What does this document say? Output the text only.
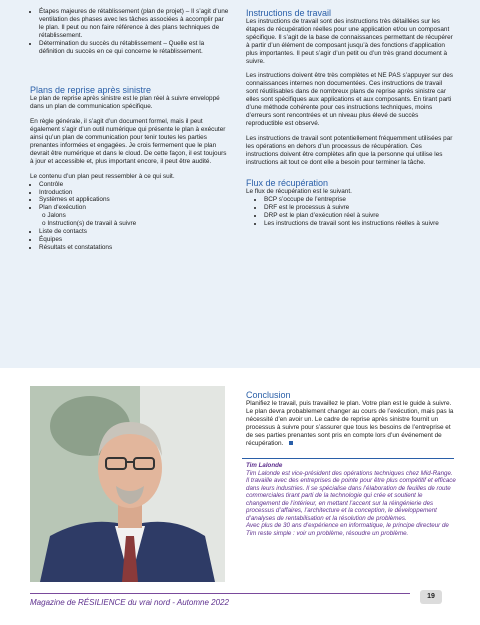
• Étapes majeures de rétablissement (plan de projet) – Il s’agit d’une ventilation des phases avec les tâches associées à accomplir par le plan. Il peut ou non faire référence à des plans techniques de rétablissement.
• Détermination du succès du rétablissement – Quelle est la définition du succès en ce qui concerne le rétablissement.
Plans de reprise après sinistre

Le plan de reprise après sinistre est le plan réel à suivre enveloppé dans un plan de communication spécifique.

En règle générale, il s’agit d’un document formel, mais il peut également s’agir d’un outil numérique qui présente le plan à exécuter ainsi qu’un plan de communication pour tenir toutes les parties prenantes informées et engagées. Je crois fermement que le plan devrait être numérique et dans le cloud. De cette façon, il est toujours à jour et accessible et, plus important encore, il peut être audité.

Le contenu d’un plan peut ressembler à ce qui suit.

• Contrôle
• Introduction
• Systèmes et applications
• Plan d’exécution
o Jalons
o Instruction(s) de travail à suivre
• Liste de contacts
• Équipes
• Résultats et constatations
Instructions de travail

Les instructions de travail sont des instructions très détaillées sur les étapes de récupération réelles pour une application et/ou un composant spécifique. Il s’agit de la base de connaissances permettant de récupérer à partir d’un élément de composant jusqu’à des fonctions d’application plus importantes. Il peut s’agir d’un petit ou d’un très grand document à suivre.

Les instructions doivent être très complètes et NE PAS s’appuyer sur des connaissances internes non documentées. Ces instructions de travail sont réutilisables dans de nombreux plans de reprise après sinistre car elles sont spécifiques aux applications et aux composants. En tirant parti d’une méthode cohérente pour ces instructions techniques, moins d’erreurs sont rencontrées et un niveau plus élevé de succès reproductible est observé.

Les instructions de travail sont potentiellement fréquemment utilisées par les opérations en dehors d’un processus de récupération. Ces instructions doivent être complètes afin que la personne qui utilise les instructions ait tout ce dont elle a besoin pour terminer la tâche.

Flux de récupération

Le flux de récupération est le suivant.

• BCP s’occupe de l’entreprise
• DRF est le processus à suivre
• DRP est le plan d’exécution réel à suivre
• Les instructions de travail sont les instructions réelles à suivre
Conclusion

Planifiez le travail, puis travaillez le plan. Votre plan est le guide à suivre. Le plan devra probablement changer au cours de l’exécution, mais pas la nécessité d’en avoir un. Le cadre de reprise après sinistre fournit un processus à suivre pour s’assurer que tous les besoins de l’entreprise et de ses parties prenantes sont pris en compte lors d’un événement de récupération.

Tim Lalonde

Tim Lalonde est vice-président des opérations techniques chez Mid-Range. Il travaille avec des entreprises de pointe pour être plus compétitif et efficace dans leurs industries. Il se spécialise dans l’élaboration de feuilles de route commerciales tirant parti de la technologie qui crée et soutient le changement de l’intérieur, en mettant l’accent sur la réingénierie des processus d’affaires, l’architecture et la conception, le développement d’analyses de rentabilisation et la résolution de problèmes.

Avec plus de 30 ans d’expérience en informatique, le principe directeur de Tim reste simple : voir un problème, résoudre un problème.

Magazine de RÉSILIENCE du vrai nord - Automne 2022
19
